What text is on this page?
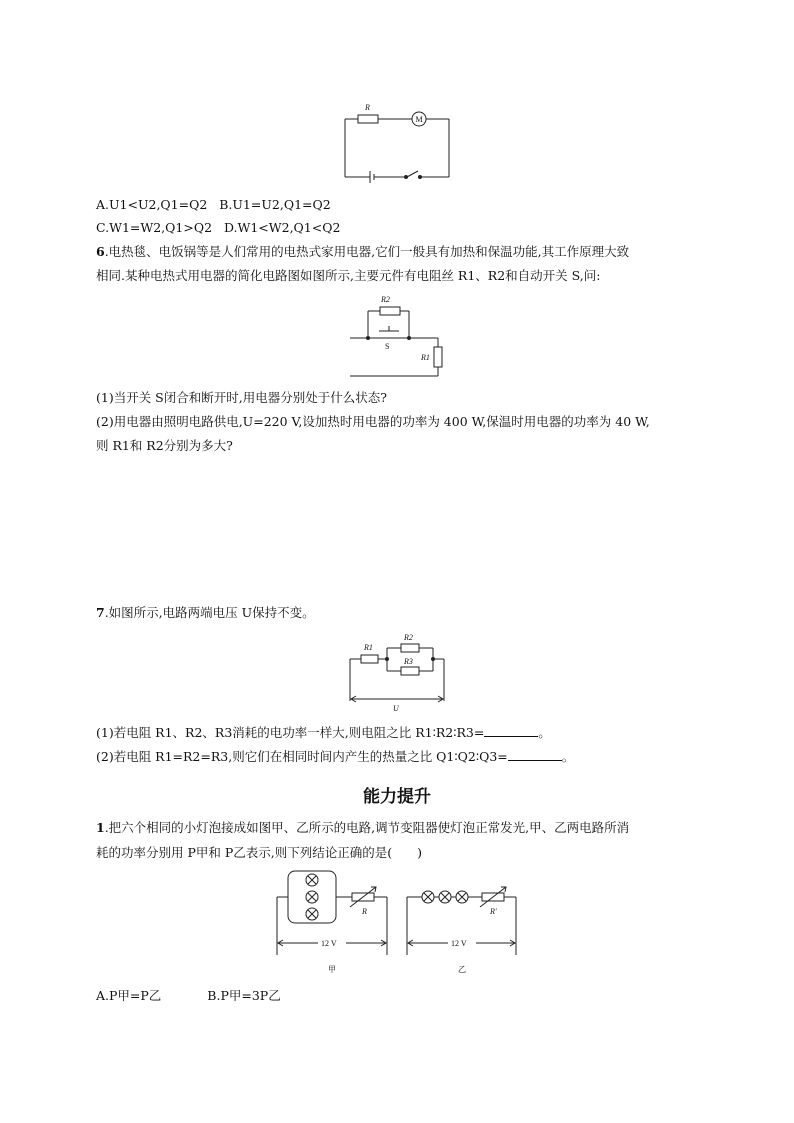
R
M
A.U1<U2,Q1=Q2 B.U1=U2,Q1=Q2
C.W1=W2,Q1>Q2 D.W1<W2,Q1<Q2
6.电热毯、电饭锅等是人们常用的电热式家用电器,它们一般具有加热和保温功能,其工作原理大致
相同.某种电热式用电器的简化电路图如图所示,主要元件有电阻丝 R1、R2和自动开关 S,问:
R2
S
R1
(1)当开关 S闭合和断开时,用电器分别处于什么状态?
(2)用电器由照明电路供电,U=220 V,设加热时用电器的功率为 400 W,保温时用电器的功率为 40 W,
则 R1和 R2分别为多大?
7.如图所示,电路两端电压 U保持不变。
R1
R2
R3
U
(1)若电阻 R1、R2、R3消耗的电功率一样大,则电阻之比 R1∶R2∶R3=	。
(2)若电阻 R1=R2=R3,则它们在相同时间内产生的热量之比 Q1∶Q2∶Q3=	。
能力提升
1.把六个相同的小灯泡接成如图甲、乙所示的电路,调节变阻器使灯泡正常发光,甲、乙两电路所消
耗的功率分别用 P甲和 P乙表示,则下列结论正确的是(　　)
R
12 V
甲
R′
12 V
乙
A.P甲=P乙	B.P甲=3P乙
